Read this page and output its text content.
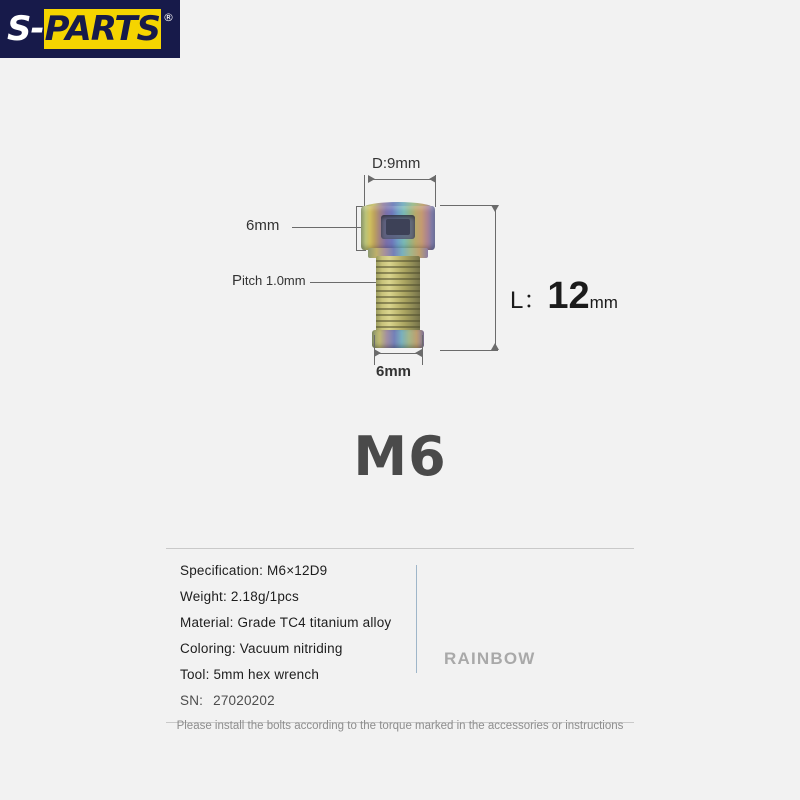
S-PARTS ®
D:9mm
6mm
Pitch 1.0mm
L：12mm
6mm
M6
Specification: M6×12D9
Weight: 2.18g/1pcs
Material: Grade TC4 titanium alloy
Coloring: Vacuum nitriding
Tool: 5mm hex wrench
SN: 27020202
RAINBOW
Please install the bolts according to the torque marked in the accessories or instructions
